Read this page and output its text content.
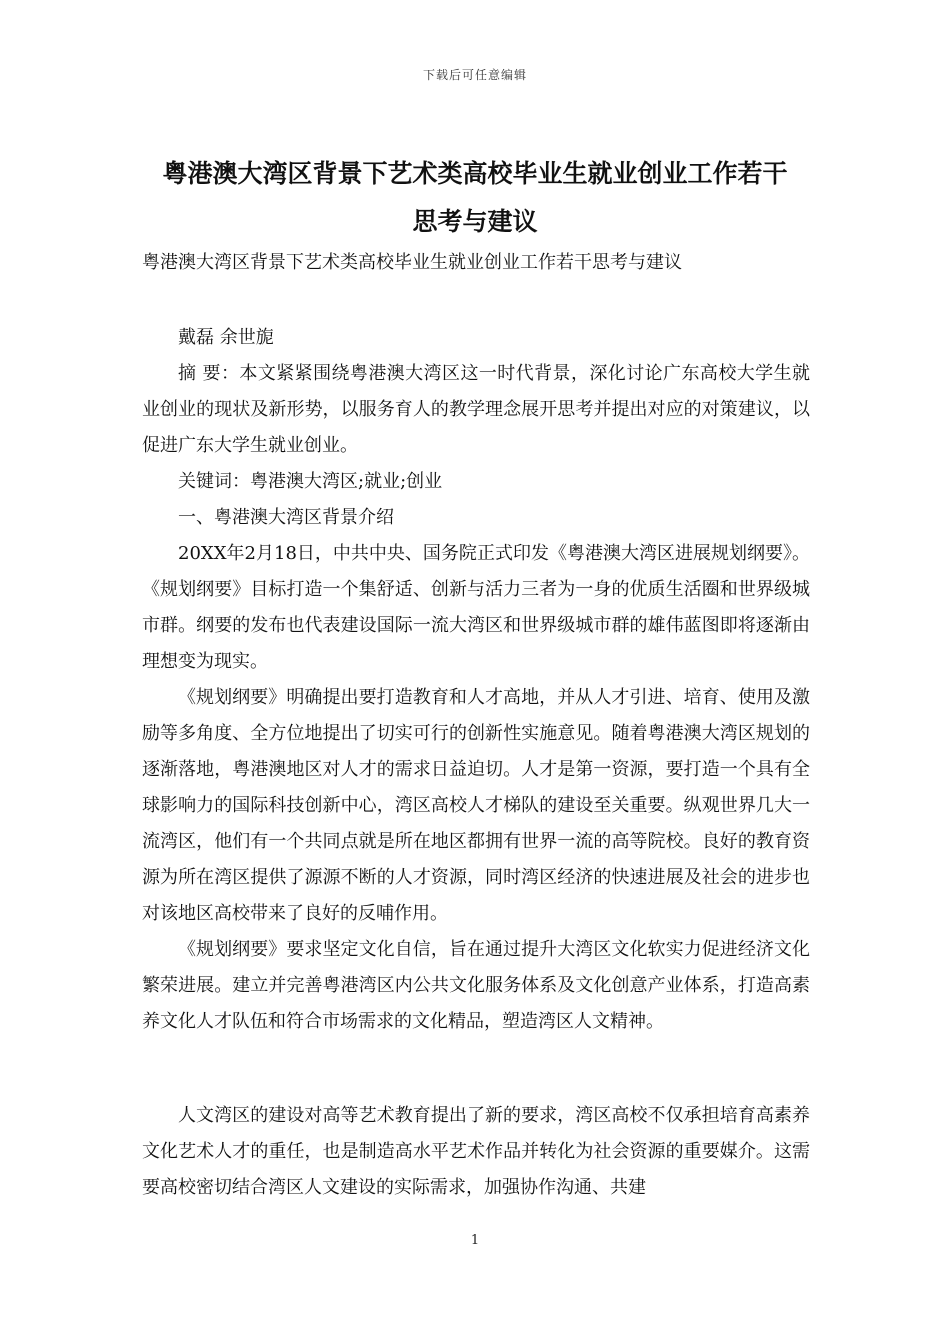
下载后可任意编辑
粤港澳大湾区背景下艺术类高校毕业生就业创业工作若干
思考与建议
粤港澳大湾区背景下艺术类高校毕业生就业创业工作若干思考与建议

戴磊 余世旎

摘 要：本文紧紧围绕粤港澳大湾区这一时代背景，深化讨论广东高校大学生就业创业的现状及新形势，以服务育人的教学理念展开思考并提出对应的对策建议，以促进广东大学生就业创业。

关键词：粤港澳大湾区;就业;创业

一、粤港澳大湾区背景介绍

20XX年2月18日，中共中央、国务院正式印发《粤港澳大湾区进展规划纲要》。《规划纲要》目标打造一个集舒适、创新与活力三者为一身的优质生活圈和世界级城市群。纲要的发布也代表建设国际一流大湾区和世界级城市群的雄伟蓝图即将逐渐由理想变为现实。

《规划纲要》明确提出要打造教育和人才高地，并从人才引进、培育、使用及激励等多角度、全方位地提出了切实可行的创新性实施意见。随着粤港澳大湾区规划的逐渐落地，粤港澳地区对人才的需求日益迫切。人才是第一资源，要打造一个具有全球影响力的国际科技创新中心，湾区高校人才梯队的建设至关重要。纵观世界几大一流湾区，他们有一个共同点就是所在地区都拥有世界一流的高等院校。良好的教育资源为所在湾区提供了源源不断的人才资源，同时湾区经济的快速进展及社会的进步也对该地区高校带来了良好的反哺作用。

《规划纲要》要求坚定文化自信，旨在通过提升大湾区文化软实力促进经济文化繁荣进展。建立并完善粤港湾区内公共文化服务体系及文化创意产业体系，打造高素养文化人才队伍和符合市场需求的文化精品，塑造湾区人文精神。

人文湾区的建设对高等艺术教育提出了新的要求，湾区高校不仅承担培育高素养文化艺术人才的重任，也是制造高水平艺术作品并转化为社会资源的重要媒介。这需要高校密切结合湾区人文建设的实际需求，加强协作沟通、共建

1
